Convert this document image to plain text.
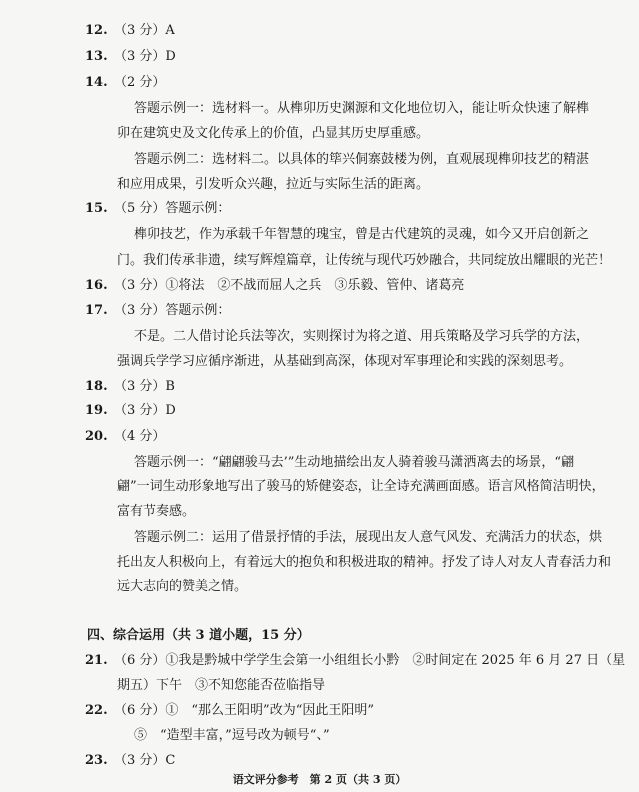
12. （3 分）A
13. （3 分）D
14. （2 分）
答题示例一：选材料一。从榫卯历史渊源和文化地位切入，能让听众快速了解榫
卯在建筑史及文化传承上的价值，凸显其历史厚重感。
答题示例二：选材料二。以具体的筚兴侗寨鼓楼为例，直观展现榫卯技艺的精湛
和应用成果，引发听众兴趣，拉近与实际生活的距离。
15. （5 分）答题示例：
榫卯技艺，作为承载千年智慧的瑰宝，曾是古代建筑的灵魂，如今又开启创新之
门。我们传承非遗，续写辉煌篇章，让传统与现代巧妙融合，共同绽放出耀眼的光芒！
16. （3 分）①将法　②不战而屈人之兵　③乐毅、管仲、诸葛亮
17. （3 分）答题示例：
不是。二人借讨论兵法等次，实则探讨为将之道、用兵策略及学习兵学的方法，
强调兵学学习应循序渐进，从基础到高深，体现对军事理论和实践的深刻思考。
18. （3 分）B
19. （3 分）D
20. （4 分）
答题示例一：“翩翩骏马去’”生动地描绘出友人骑着骏马潇洒离去的场景，“翩
翩”一词生动形象地写出了骏马的矫健姿态，让全诗充满画面感。语言风格简洁明快，
富有节奏感。
答题示例二：运用了借景抒情的手法，展现出友人意气风发、充满活力的状态，烘
托出友人积极向上，有着远大的抱负和积极进取的精神。抒发了诗人对友人青春活力和
远大志向的赞美之情。
四、综合运用（共 3 道小题，15 分）
21. （6 分）①我是黔城中学学生会第一小组组长小黔　②时间定在 2025 年 6 月 27 日（星
期五）下午　③不知您能否莅临指导
22. （6 分）①　“那么王阳明”改为“因此王阳明”
⑤　“造型丰富，”逗号改为顿号“、”
23. （3 分）C
语文评分参考　第 2 页（共 3 页）
